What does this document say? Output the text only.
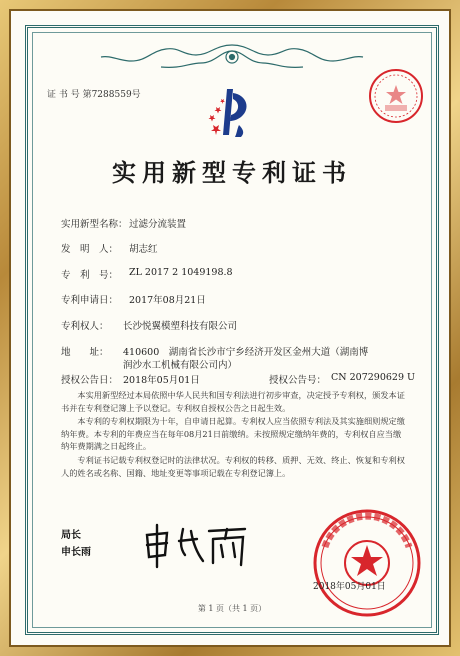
证 书 号 第7288559号
实用新型专利证书
实用新型名称： 过滤分流装置
发　明　人： 胡志红
专　利　号： ZL 2017 2 1049198.8
专利申请日： 2017年08月21日
专利权人： 长沙悦翼模塑科技有限公司
地　　址： 410600　湖南省长沙市宁乡经济开发区金州大道（湖南博
润沙水工机械有限公司内）
授权公告日： 2018年05月01日	授权公告号： CN 207290629 U
本实用新型经过本局依照中华人民共和国专利法进行初步审查，决定授予专利权，颁发本证书并在专利登记簿上予以登记。专利权自授权公告之日起生效。
本专利的专利权期限为十年，自申请日起算。专利权人应当依照专利法及其实施细则规定缴纳年费。本专利的年费应当在每年08月21日前缴纳。未按照规定缴纳年费的，专利权自应当缴纳年费期满之日起终止。
专利证书记载专利权登记时的法律状况。专利权的转移、质押、无效、终止、恢复和专利权人的姓名或名称、国籍、地址变更等事项记载在专利登记簿上。
局长
申长雨
2018年05月01日
第 1 页（共 1 页）
